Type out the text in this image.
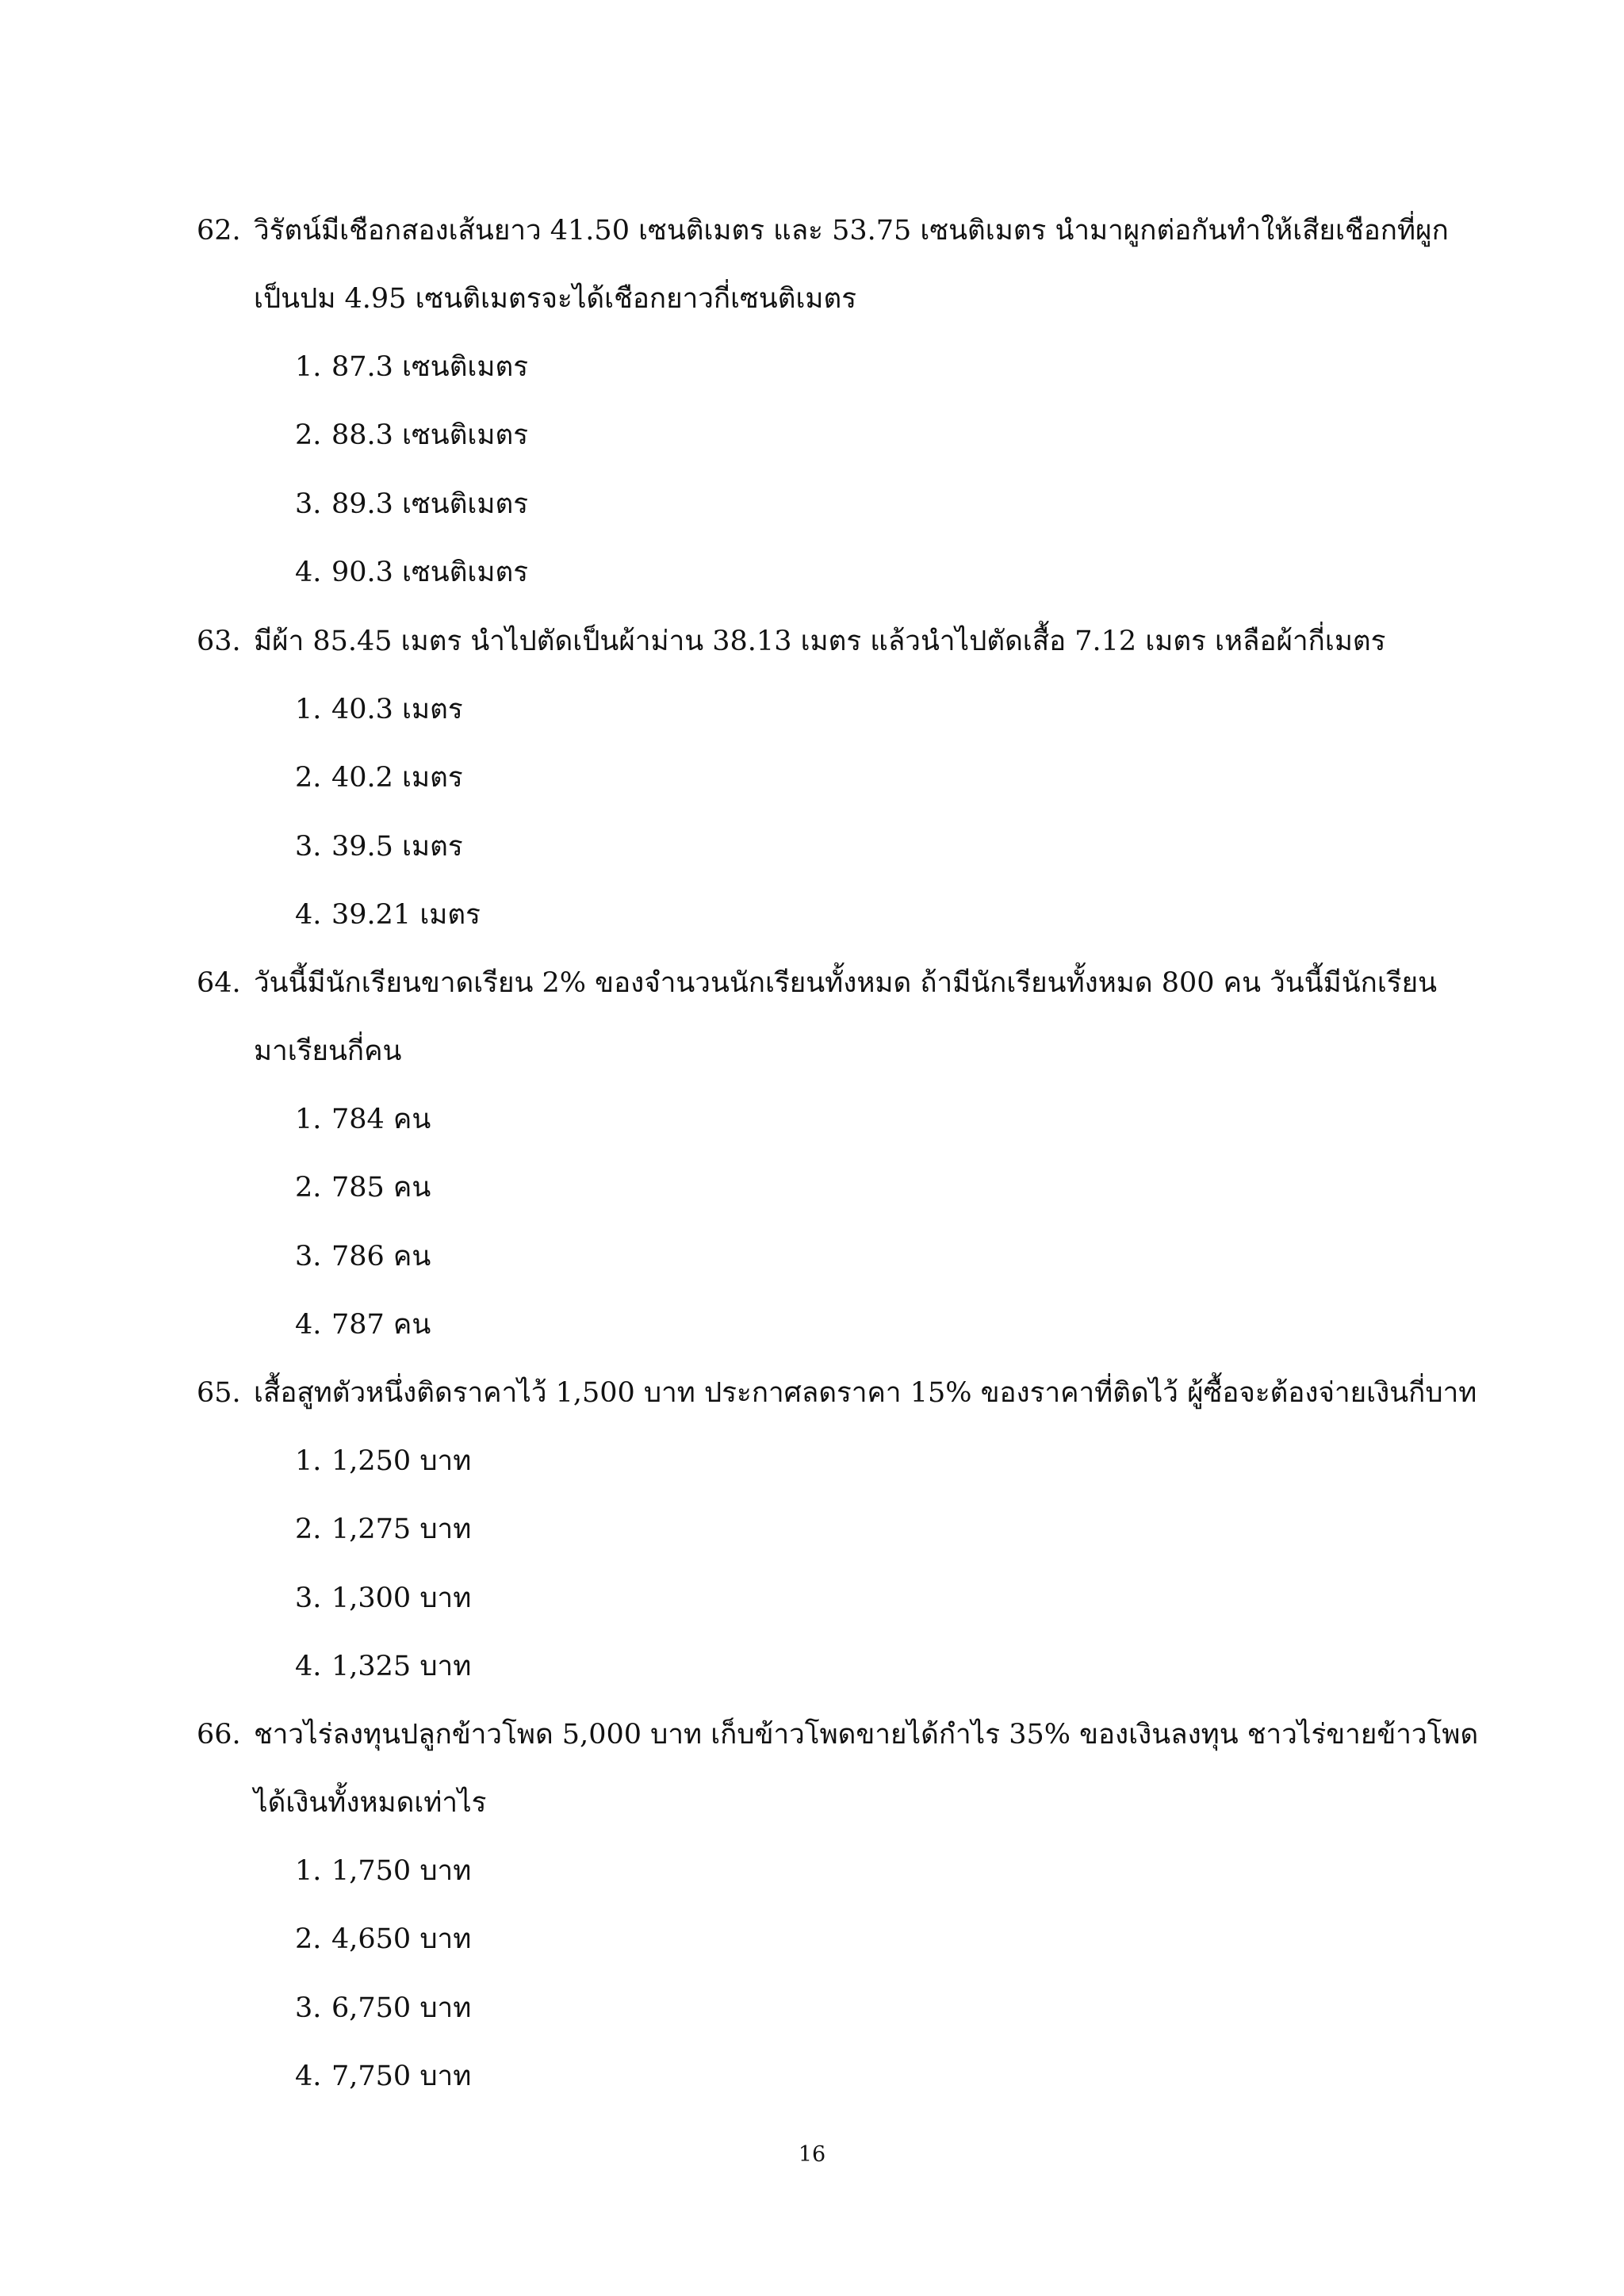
62. วิรัตน์มีเชือกสองเส้นยาว 41.50 เซนติเมตร และ 53.75 เซนติเมตร นำมาผูกต่อกันทำให้เสียเชือกที่ผูก
เป็นปม 4.95 เซนติเมตรจะได้เชือกยาวกี่เซนติเมตร
1. 87.3 เซนติเมตร
2. 88.3 เซนติเมตร
3. 89.3 เซนติเมตร
4. 90.3 เซนติเมตร
63. มีผ้า 85.45 เมตร นำไปตัดเป็นผ้าม่าน 38.13 เมตร แล้วนำไปตัดเสื้อ 7.12 เมตร เหลือผ้ากี่เมตร
1. 40.3 เมตร
2. 40.2 เมตร
3. 39.5 เมตร
4. 39.21 เมตร
64. วันนี้มีนักเรียนขาดเรียน 2% ของจำนวนนักเรียนทั้งหมด ถ้ามีนักเรียนทั้งหมด 800 คน วันนี้มีนักเรียน
มาเรียนกี่คน
1. 784 คน
2. 785 คน
3. 786 คน
4. 787 คน
65. เสื้อสูทตัวหนึ่งติดราคาไว้ 1,500 บาท ประกาศลดราคา 15% ของราคาที่ติดไว้ ผู้ซื้อจะต้องจ่ายเงินกี่บาท
1. 1,250 บาท
2. 1,275 บาท
3. 1,300 บาท
4. 1,325 บาท
66. ชาวไร่ลงทุนปลูกข้าวโพด 5,000 บาท เก็บข้าวโพดขายได้กำไร 35% ของเงินลงทุน ชาวไร่ขายข้าวโพด
ได้เงินทั้งหมดเท่าไร
1. 1,750 บาท
2. 4,650 บาท
3. 6,750 บาท
4. 7,750 บาท
16
